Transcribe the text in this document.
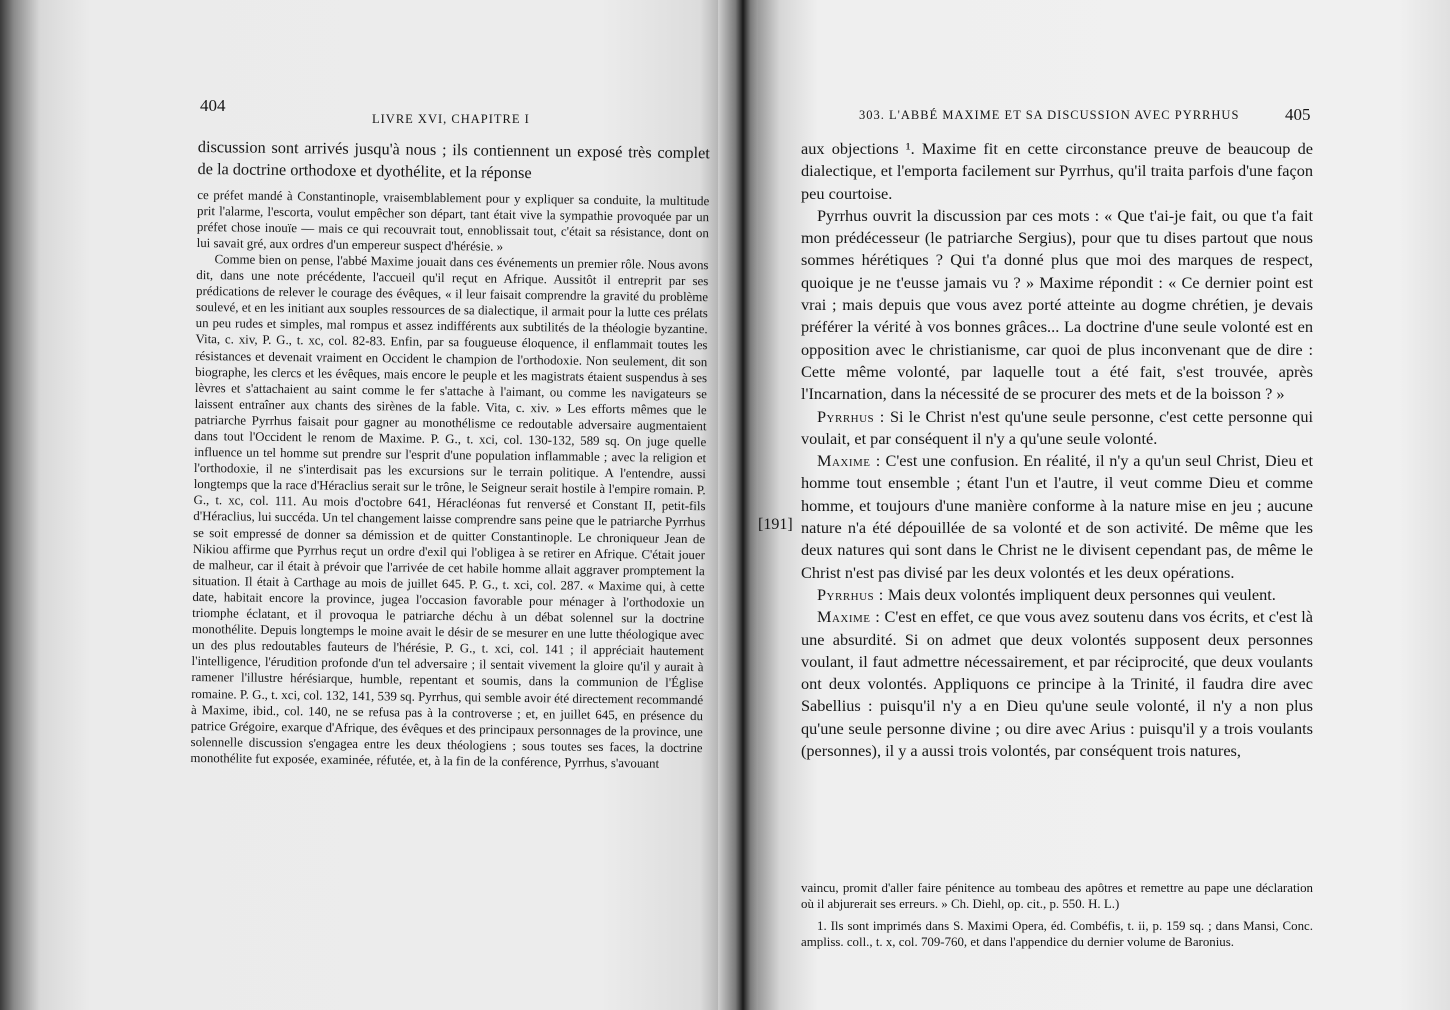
404
LIVRE XVI, CHAPITRE I

discussion sont arrivés jusqu'à nous ; ils contiennent un exposé très complet de la doctrine orthodoxe et dyothélite, et la réponse

ce préfet mandé à Constantinople, vraisemblablement pour y expliquer sa conduite, la multitude prit l'alarme, l'escorta, voulut empêcher son départ, tant était vive la sympathie provoquée par un préfet chose inouïe — mais ce qui recouvrait tout, ennoblissait tout, c'était sa résistance, dont on lui savait gré, aux ordres d'un empereur suspect d'hérésie. »

Comme bien on pense, l'abbé Maxime jouait dans ces événements un premier rôle. Nous avons dit, dans une note précédente, l'accueil qu'il reçut en Afrique. Aussitôt il entreprit par ses prédications de relever le courage des évêques, « il leur faisait comprendre la gravité du problème soulevé, et en les initiant aux souples ressources de sa dialectique, il armait pour la lutte ces prélats un peu rudes et simples, mal rompus et assez indifférents aux subtilités de la théologie byzantine. Vita, c. xiv, P. G., t. xc, col. 82-83. Enfin, par sa fougueuse éloquence, il enflammait toutes les résistances et devenait vraiment en Occident le champion de l'orthodoxie. Non seulement, dit son biographe, les clercs et les évêques, mais encore le peuple et les magistrats étaient suspendus à ses lèvres et s'attachaient au saint comme le fer s'attache à l'aimant, ou comme les navigateurs se laissent entraîner aux chants des sirènes de la fable. Vita, c. xiv. » Les efforts mêmes que le patriarche Pyrrhus faisait pour gagner au monothélisme ce redoutable adversaire augmentaient dans tout l'Occident le renom de Maxime. P. G., t. xci, col. 130-132, 589 sq. On juge quelle influence un tel homme sut prendre sur l'esprit d'une population inflammable ; avec la religion et l'orthodoxie, il ne s'interdisait pas les excursions sur le terrain politique. A l'entendre, aussi longtemps que la race d'Héraclius serait sur le trône, le Seigneur serait hostile à l'empire romain. P. G., t. xc, col. 111. Au mois d'octobre 641, Héracléonas fut renversé et Constant II, petit-fils d'Héraclius, lui succéda. Un tel changement laisse comprendre sans peine que le patriarche Pyrrhus se soit empressé de donner sa démission et de quitter Constantinople. Le chroniqueur Jean de Nikiou affirme que Pyrrhus reçut un ordre d'exil qui l'obligea à se retirer en Afrique. C'était jouer de malheur, car il était à prévoir que l'arrivée de cet habile homme allait aggraver promptement la situation. Il était à Carthage au mois de juillet 645. P. G., t. xci, col. 287. « Maxime qui, à cette date, habitait encore la province, jugea l'occasion favorable pour ménager à l'orthodoxie un triomphe éclatant, et il provoqua le patriarche déchu à un débat solennel sur la doctrine monothélite. Depuis longtemps le moine avait le désir de se mesurer en une lutte théologique avec un des plus redoutables fauteurs de l'hérésie, P. G., t. xci, col. 141 ; il appréciait hautement l'intelligence, l'érudition profonde d'un tel adversaire ; il sentait vivement la gloire qu'il y aurait à ramener l'illustre hérésiarque, humble, repentant et soumis, dans la communion de l'Église romaine. P. G., t. xci, col. 132, 141, 539 sq. Pyrrhus, qui semble avoir été directement recommandé à Maxime, ibid., col. 140, ne se refusa pas à la controverse ; et, en juillet 645, en présence du patrice Grégoire, exarque d'Afrique, des évêques et des principaux personnages de la province, une solennelle discussion s'engagea entre les deux théologiens ; sous toutes ses faces, la doctrine monothélite fut exposée, examinée, réfutée, et, à la fin de la conférence, Pyrrhus, s'avouant

303. L'ABBÉ MAXIME ET SA DISCUSSION AVEC PYRRHUS	405
[191]

aux objections ¹. Maxime fit en cette circonstance preuve de beaucoup de dialectique, et l'emporta facilement sur Pyrrhus, qu'il traita parfois d'une façon peu courtoise.

Pyrrhus ouvrit la discussion par ces mots : « Que t'ai-je fait, ou que t'a fait mon prédécesseur (le patriarche Sergius), pour que tu dises partout que nous sommes hérétiques ? Qui t'a donné plus que moi des marques de respect, quoique je ne t'eusse jamais vu ? » Maxime répondit : « Ce dernier point est vrai ; mais depuis que vous avez porté atteinte au dogme chrétien, je devais préférer la vérité à vos bonnes grâces... La doctrine d'une seule volonté est en opposition avec le christianisme, car quoi de plus inconvenant que de dire : Cette même volonté, par laquelle tout a été fait, s'est trouvée, après l'Incarnation, dans la nécessité de se procurer des mets et de la boisson ? »

Pyrrhus : Si le Christ n'est qu'une seule personne, c'est cette personne qui voulait, et par conséquent il n'y a qu'une seule volonté.

Maxime : C'est une confusion. En réalité, il n'y a qu'un seul Christ, Dieu et homme tout ensemble ; étant l'un et l'autre, il veut comme Dieu et comme homme, et toujours d'une manière conforme à la nature mise en jeu ; aucune nature n'a été dépouillée de sa volonté et de son activité. De même que les deux natures qui sont dans le Christ ne le divisent cependant pas, de même le Christ n'est pas divisé par les deux volontés et les deux opérations.

Pyrrhus : Mais deux volontés impliquent deux personnes qui veulent.

Maxime : C'est en effet, ce que vous avez soutenu dans vos écrits, et c'est là une absurdité. Si on admet que deux volontés supposent deux personnes voulant, il faut admettre nécessairement, et par réciprocité, que deux voulants ont deux volontés. Appliquons ce principe à la Trinité, il faudra dire avec Sabellius : puisqu'il n'y a en Dieu qu'une seule volonté, il n'y a non plus qu'une seule personne divine ; ou dire avec Arius : puisqu'il y a trois voulants (personnes), il y a aussi trois volontés, par conséquent trois natures,

vaincu, promit d'aller faire pénitence au tombeau des apôtres et remettre au pape une déclaration où il abjurerait ses erreurs. » Ch. Diehl, op. cit., p. 550. H. L.)

1. Ils sont imprimés dans S. Maximi Opera, éd. Combéfis, t. ii, p. 159 sq. ; dans Mansi, Conc. ampliss. coll., t. x, col. 709-760, et dans l'appendice du dernier volume de Baronius.
